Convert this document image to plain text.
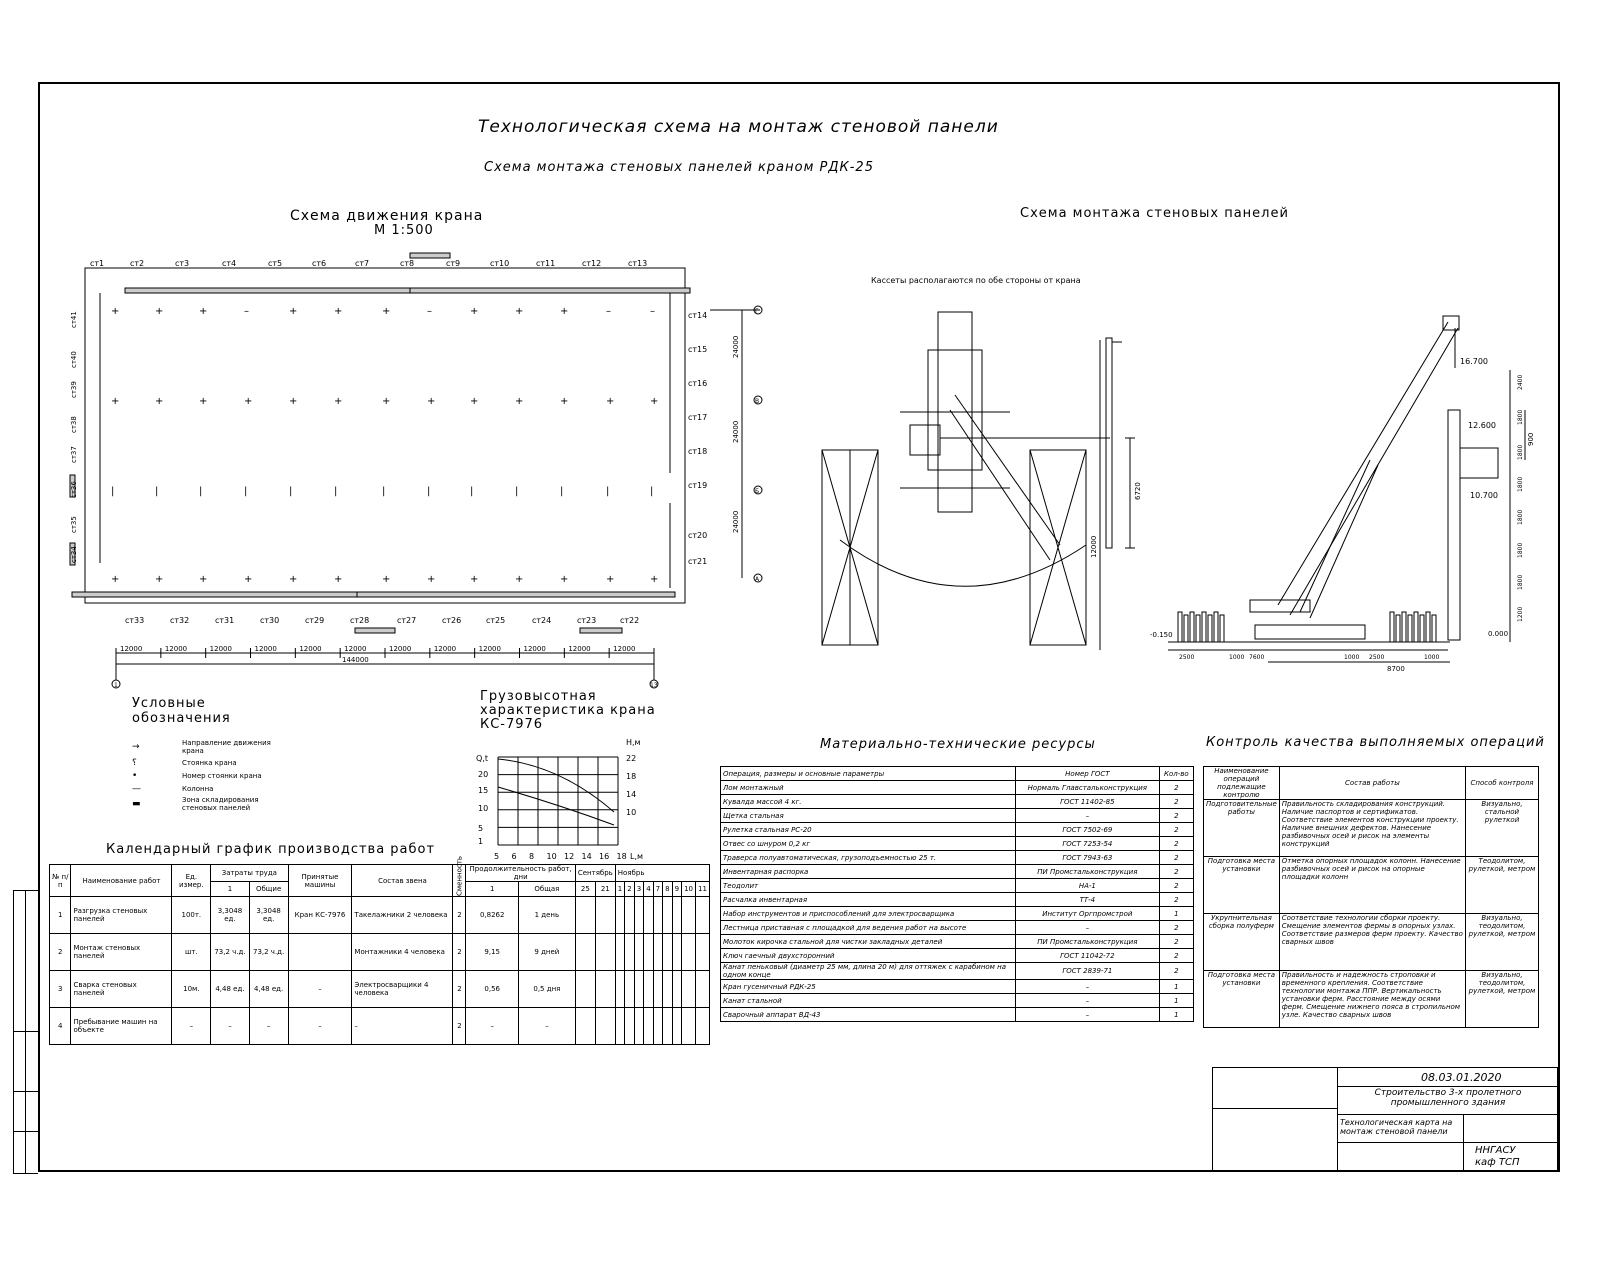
Технологическая схема на монтаж стеновой панели
Схема монтажа стеновых панелей краном РДК-25
Схема движения крана
М 1:500
Схема монтажа стеновых панелей
Кассеты располагаются по обе стороны от крана
+
+
|
+
+
+
|
+
+
+
|
+
–
+
|
+
+
+
|
+
+
+
|
+
+
+
|
+
–
+
|
+
+
+
|
+
+
+
|
+
+
+
|
+
–
+
|
+
–
+
|
+
Г
В
Б
А
24000
24000
24000
ст1	ст2	ст3	ст4	ст5	ст6	ст7	ст8	ст9	ст10	ст11	ст12	ст13
ст33	ст32	ст31	ст30	ст29	ст28	ст27	ст26	ст25	ст24	ст23	ст22
ст14
ст15
ст16
ст17
ст18
ст19
ст20
ст21
ст41
ст40
ст39
ст38
ст37
ст36
ст35
ст34
12000	12000	12000	12000	12000	12000	12000	12000	12000	12000	12000	12000
144000
1	13
16.700
12.600
10.700
0.000
-0.150
8700
900
6720
12000
2500	1000 7600	1000 2500	1000
2400
1800
1800
1800
1800
1800
1800
1200
Условные обозначения
→	Направление движения крана
⸮	Стоянка крана
•	Номер стоянки крана
—	Колонна
▬	Зона складирования стеновых панелей
Грузовысотная характеристика крана КС-7976
Q,t
H,м
L,м
20
15
10
5
1
22
18
14
10
5 6 8 10 12 14 16 18
Календарный график производства работ
№ п/п	Наименование работ	Ед. измер.	Затраты труда		Принятые машины	Состав звена	Сменность	Продолжительность работ, дни		Сентябрь		Ноябрь								
			1	Общие				1	Общая	25	21	1	2	3	4	7	8	9	10	11
1	Разгрузка стеновых панелей	100т.	3,3048 ед.	3,3048 ед.	Кран КС-7976	Такелажники 2 человека	2	0,8262	1 день											
2	Монтаж стеновых панелей	шт.	73,2 ч.д.	73,2 ч.д.		Монтажники 4 человека	2	9,15	9 дней											
3	Сварка стеновых панелей	10м.	4,48 ед.	4,48 ед.	–	Электросварщики 4 человека	2	0,56	0,5 дня											
4	Пребывание машин на объекте	–	–	–	–	–	2	–	–											
Материально-технические ресурсы
Операция, размеры и основные параметры	Номер ГОСТ	Кол-во
Лом монтажный	Нормаль Главстальконструкция	2
Кувалда массой 4 кг.	ГОСТ 11402-85	2
Щетка стальная	–	2
Рулетка стальная РС-20	ГОСТ 7502-69	2
Отвес со шнуром 0,2 кг	ГОСТ 7253-54	2
Траверса полуавтоматическая, грузоподъемностью 25 т.	ГОСТ 7943-63	2
Инвентарная распорка	ПИ Промстальконструкция	2
Теодолит	НА-1	2
Расчалка инвентарная	ТТ-4	2
Набор инструментов и приспособлений для электросварщика	Институт Оргпромстрой	1
Лестница приставная с площадкой для ведения работ на высоте	–	2
Молоток кирочка стальной для чистки закладных деталей	ПИ Промстальконструкция	2
Ключ гаечный двухсторонний	ГОСТ 11042-72	2
Канат пеньковый (диаметр 25 мм, длина 20 м) для оттяжек с карабином на одном конце	ГОСТ 2839-71	2
Кран гусеничный РДК-25	–	1
Канат стальной	–	1
Сварочный аппарат ВД-43	–	1
Контроль качества выполняемых операций
Наименование операций подлежащие контролю	Состав работы	Способ контроля
Подготовительные работы	Правильность складирования конструкций. Наличие паспортов и сертификатов. Соответствие элементов конструкции проекту. Наличие внешних дефектов. Нанесение разбивочных осей и рисок на элементы конструкций	Визуально, стальной рулеткой
Подготовка места установки	Отметка опорных площадок колонн. Нанесение разбивочных осей и рисок на опорные площадки колонн	Теодолитом, рулеткой, метром
Укрупнительная сборка полуферм	Соответствие технологии сборки проекту. Смещение элементов фермы в опорных узлах. Соответствие размеров ферм проекту. Качество сварных швов	Визуально, теодолитом, рулеткой, метром
Подготовка места установки	Правильность и надежность строповки и временного крепления. Соответствие технологии монтажа ППР. Вертикальность установки ферм. Расстояние между осями ферм. Смещение нижнего пояса в стропильном узле. Качество сварных швов	Визуально, теодолитом, рулеткой, метром
08.03.01.2020
Строительство 3-х пролетного промышленного здания
Технологическая карта на монтаж стеновой панели
ННГАСУ
каф ТСП
